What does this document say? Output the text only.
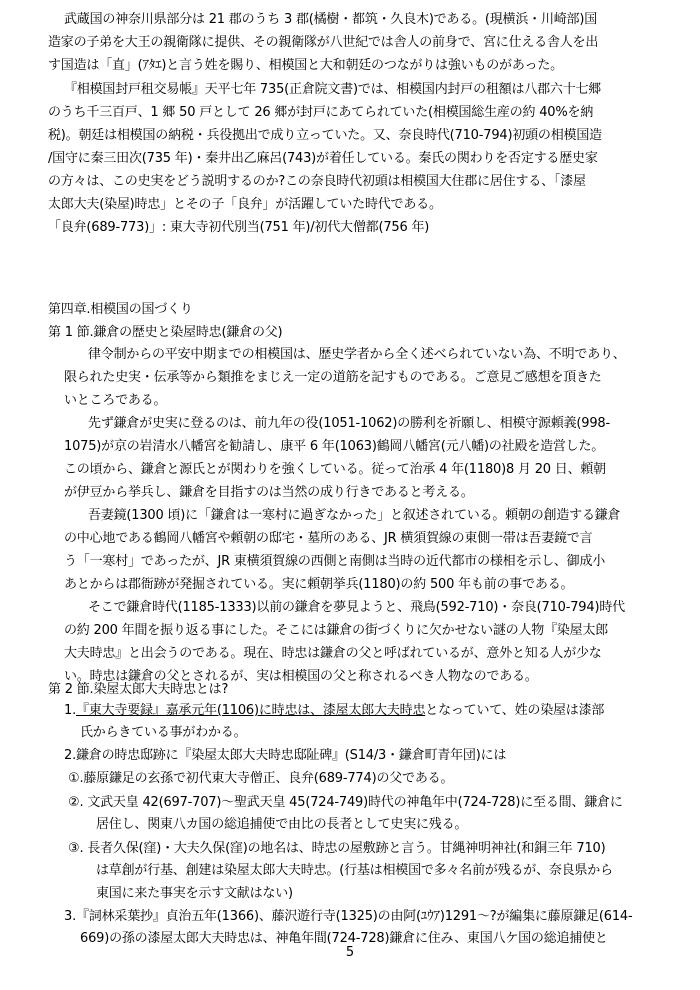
武蔵国の神奈川県部分は 21 郡のうち 3 郡(橘樹・都筑・久良木)である。(現横浜・川崎部)国
造家の子弟を大王の親衛隊に提供、その親衛隊が八世紀では舎人の前身で、宮に仕える舎人を出
す国造は「直」(ｱﾀｴ)と言う姓を賜り、相模国と大和朝廷のつながりは強いものがあった。
『相模国封戸租交易帳』天平七年 735(正倉院文書)では、相模国内封戸の租額は八郡六十七郷
のうち千三百戸、1 郷 50 戸として 26 郷が封戸にあてられていた(相模国総生産の約 40%を納
税)。朝廷は相模国の納税・兵役拠出で成り立っていた。又、奈良時代(710-794)初頭の相模国造
/国守に秦三田次(735 年)・秦井出乙麻呂(743)が着任している。秦氏の関わりを否定する歴史家
の方々は、この史実をどう説明するのか?この奈良時代初頭は相模国大住郡に居住する、「漆屋
太郎大夫(染屋)時忠」とその子「良弁」が活躍していた時代である。
「良弁(689-773)」: 東大寺初代別当(751 年)/初代大僧都(756 年)
第四章.相模国の国づくり
第 1 節.鎌倉の歴史と染屋時忠(鎌倉の父)
律令制からの平安中期までの相模国は、歴史学者から全く述べられていない為、不明であり、
限られた史実・伝承等から類推をまじえ一定の道筋を記すものである。ご意見ご感想を頂きた
いところである。
先ず鎌倉が史実に登るのは、前九年の役(1051-1062)の勝利を祈願し、相模守源頼義(998-
1075)が京の岩清水八幡宮を勧請し、康平 6 年(1063)鶴岡八幡宮(元八幡)の社殿を造営した。
この頃から、鎌倉と源氏とが関わりを強くしている。従って治承 4 年(1180)8 月 20 日、頼朝
が伊豆から挙兵し、鎌倉を目指すのは当然の成り行きであると考える。
吾妻鏡(1300 頃)に「鎌倉は一寒村に過ぎなかった」と叙述されている。頼朝の創造する鎌倉
の中心地である鶴岡八幡宮や頼朝の邸宅・墓所のある、JR 横須賀線の東側一帯は吾妻鏡で言
う「一寒村」であったが、JR 東横須賀線の西側と南側は当時の近代都市の様相を示し、御成小
あとからは郡衙跡が発掘されている。実に頼朝挙兵(1180)の約 500 年も前の事である。
そこで鎌倉時代(1185-1333)以前の鎌倉を夢見ようと、飛鳥(592-710)・奈良(710-794)時代
の約 200 年間を振り返る事にした。そこには鎌倉の街づくりに欠かせない謎の人物『染屋太郎
大夫時忠』と出会うのである。現在、時忠は鎌倉の父と呼ばれているが、意外と知る人が少な
い。時忠は鎌倉の父とされるが、実は相模国の父と称されるべき人物なのである。
第 2 節.染屋太郎大夫時忠とは?
1.『東大寺要録』嘉承元年(1106)に時忠は、漆屋太郎大夫時忠となっていて、姓の染屋は漆部
氏からきている事がわかる。
2.鎌倉の時忠邸跡に『染屋太郎大夫時忠邸阯碑』(S14/3・鎌倉町青年団)には
①.藤原鎌足の玄孫で初代東大寺僧正、良弁(689-774)の父である。
②. 文武天皇 42(697-707)～聖武天皇 45(724-749)時代の神亀年中(724-728)に至る間、鎌倉に
居住し、関東八カ国の総追捕使で由比の長者として史実に残る。
③. 長者久保(窪)・大夫久保(窪)の地名は、時忠の屋敷跡と言う。甘縄神明神社(和銅三年 710)
は草創が行基、創建は染屋太郎大夫時忠。(行基は相模国で多々名前が残るが、奈良県から
東国に来た事実を示す文献はない)
3.『詞林采葉抄』貞治五年(1366)、藤沢遊行寺(1325)の由阿(ﾕｳｱ)1291～?が編集に藤原鎌足(614-
669)の孫の漆屋太郎大夫時忠は、神亀年間(724-728)鎌倉に住み、東国八ケ国の総追捕使と
5
